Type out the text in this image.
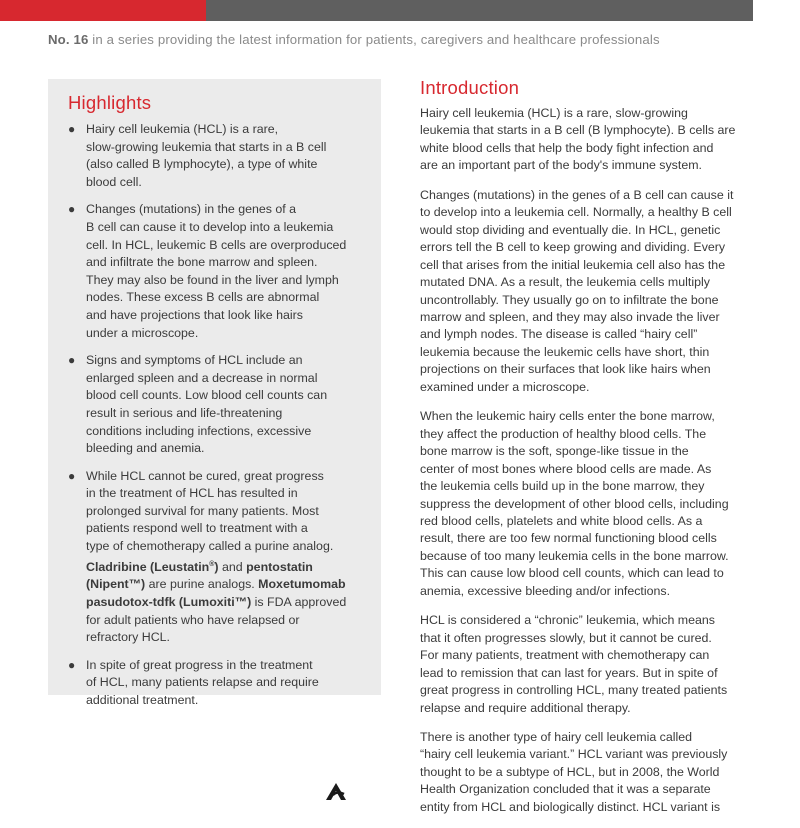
No. 16 in a series providing the latest information for patients, caregivers and healthcare professionals
Highlights
● Hairy cell leukemia (HCL) is a rare,
slow-growing leukemia that starts in a B cell
(also called B lymphocyte), a type of white
blood cell.
● Changes (mutations) in the genes of a
B cell can cause it to develop into a leukemia
cell. In HCL, leukemic B cells are overproduced
and infiltrate the bone marrow and spleen.
They may also be found in the liver and lymph
nodes. These excess B cells are abnormal
and have projections that look like hairs
under a microscope.
● Signs and symptoms of HCL include an
enlarged spleen and a decrease in normal
blood cell counts. Low blood cell counts can
result in serious and life-threatening
conditions including infections, excessive
bleeding and anemia.
● While HCL cannot be cured, great progress
in the treatment of HCL has resulted in
prolonged survival for many patients. Most
patients respond well to treatment with a
type of chemotherapy called a purine analog.
Cladribine (Leustatin®) and pentostatin
(Nipent™) are purine analogs. Moxetumomab
pasudotox-tdfk (Lumoxiti™) is FDA approved
for adult patients who have relapsed or
refractory HCL.
● In spite of great progress in the treatment
of HCL, many patients relapse and require
additional treatment.
Introduction

Hairy cell leukemia (HCL) is a rare, slow-growing
leukemia that starts in a B cell (B lymphocyte). B cells are
white blood cells that help the body fight infection and
are an important part of the body's immune system.

Changes (mutations) in the genes of a B cell can cause it
to develop into a leukemia cell. Normally, a healthy B cell
would stop dividing and eventually die. In HCL, genetic
errors tell the B cell to keep growing and dividing. Every
cell that arises from the initial leukemia cell also has the
mutated DNA. As a result, the leukemia cells multiply
uncontrollably. They usually go on to infiltrate the bone
marrow and spleen, and they may also invade the liver
and lymph nodes. The disease is called “hairy cell”
leukemia because the leukemic cells have short, thin
projections on their surfaces that look like hairs when
examined under a microscope.

When the leukemic hairy cells enter the bone marrow,
they affect the production of healthy blood cells. The
bone marrow is the soft, sponge-like tissue in the
center of most bones where blood cells are made. As
the leukemia cells build up in the bone marrow, they
suppress the development of other blood cells, including
red blood cells, platelets and white blood cells. As a
result, there are too few normal functioning blood cells
because of too many leukemia cells in the bone marrow.
This can cause low blood cell counts, which can lead to
anemia, excessive bleeding and/or infections.

HCL is considered a “chronic” leukemia, which means
that it often progresses slowly, but it cannot be cured.
For many patients, treatment with chemotherapy can
lead to remission that can last for years. But in spite of
great progress in controlling HCL, many treated patients
relapse and require additional therapy.

There is another type of hairy cell leukemia called
“hairy cell leukemia variant.” HCL variant was previously
thought to be a subtype of HCL, but in 2008, the World
Health Organization concluded that it was a separate
entity from HCL and biologically distinct. HCL variant is
